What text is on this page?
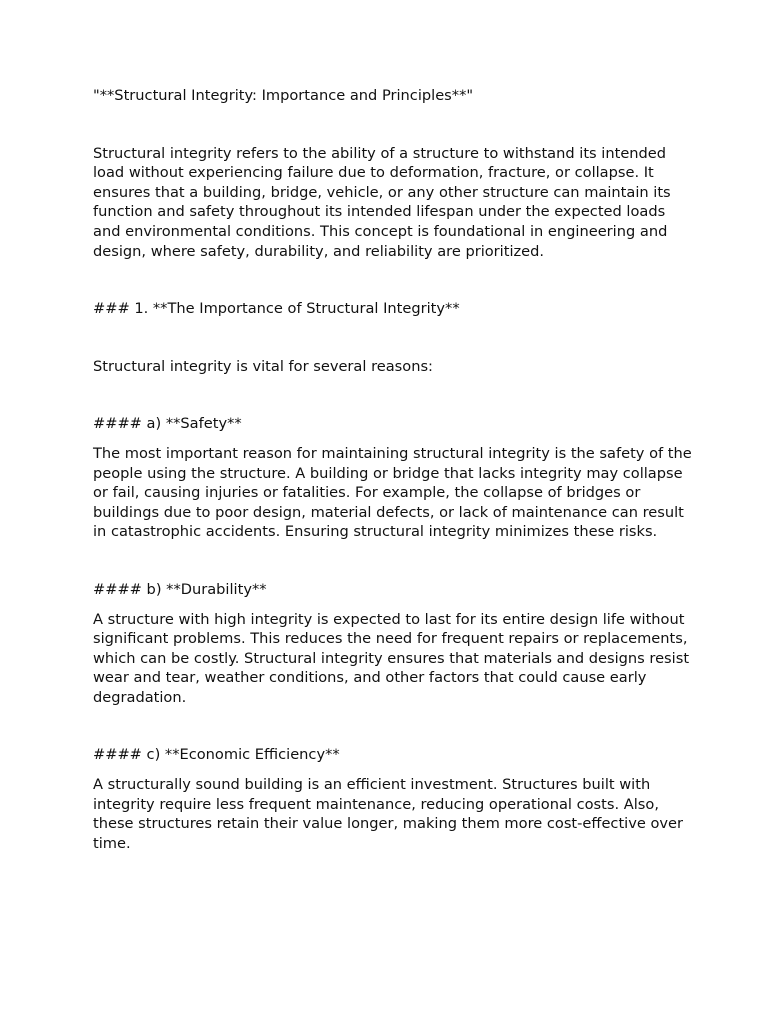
"**Structural Integrity: Importance and Principles**"

Structural integrity refers to the ability of a structure to withstand its intended load without experiencing failure due to deformation, fracture, or collapse. It ensures that a building, bridge, vehicle, or any other structure can maintain its function and safety throughout its intended lifespan under the expected loads and environmental conditions. This concept is foundational in engineering and design, where safety, durability, and reliability are prioritized.

### 1. **The Importance of Structural Integrity**

Structural integrity is vital for several reasons:

#### a) **Safety**

The most important reason for maintaining structural integrity is the safety of the people using the structure. A building or bridge that lacks integrity may collapse or fail, causing injuries or fatalities. For example, the collapse of bridges or buildings due to poor design, material defects, or lack of maintenance can result in catastrophic accidents. Ensuring structural integrity minimizes these risks.

#### b) **Durability**

A structure with high integrity is expected to last for its entire design life without significant problems. This reduces the need for frequent repairs or replacements, which can be costly. Structural integrity ensures that materials and designs resist wear and tear, weather conditions, and other factors that could cause early degradation.

#### c) **Economic Efficiency**

A structurally sound building is an efficient investment. Structures built with integrity require less frequent maintenance, reducing operational costs. Also, these structures retain their value longer, making them more cost-effective over time.
